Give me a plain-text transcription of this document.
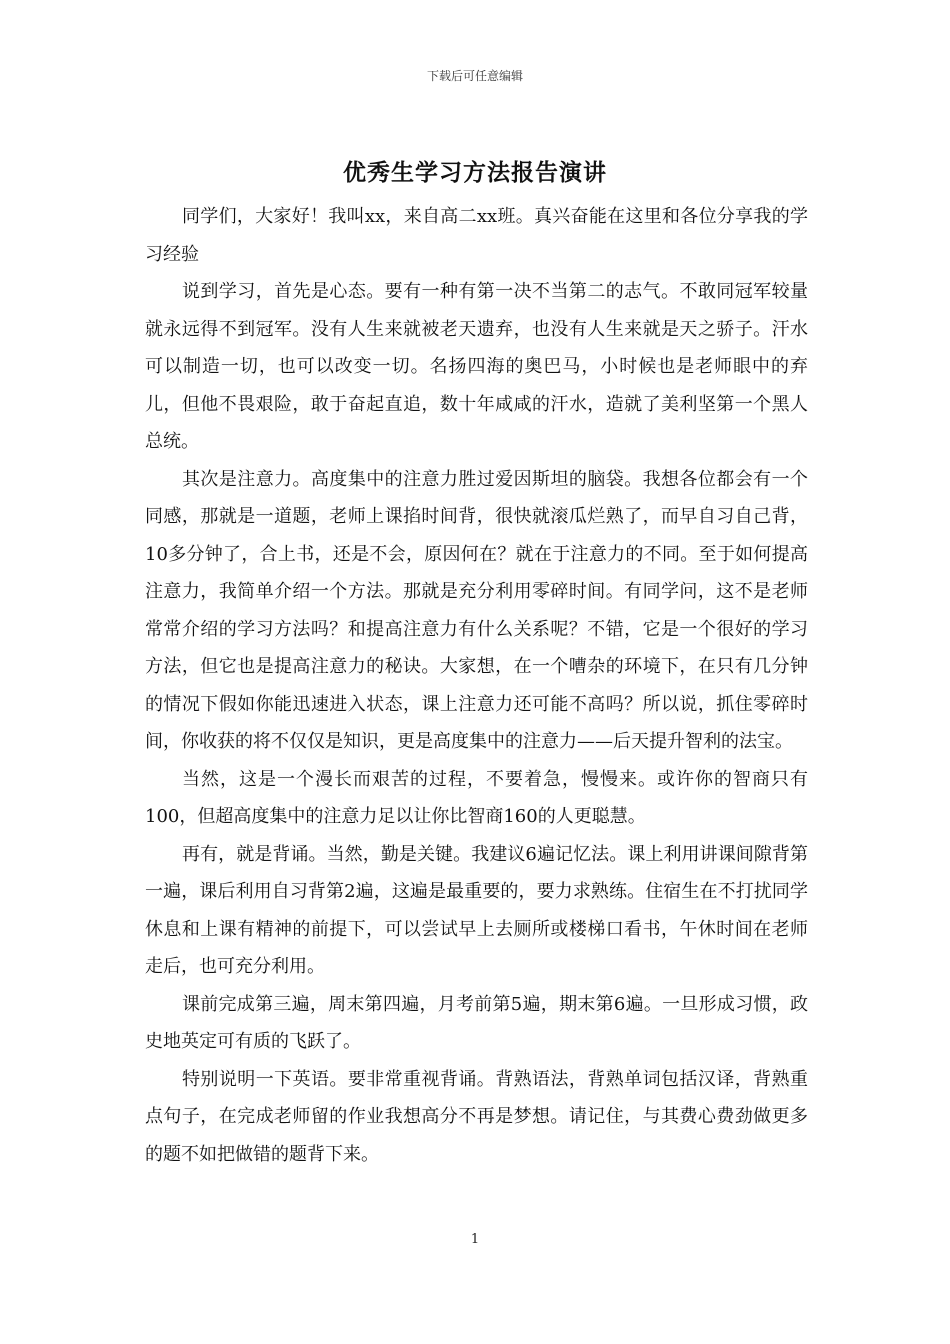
下载后可任意编辑
优秀生学习方法报告演讲

同学们，大家好！我叫xx，来自高二xx班。真兴奋能在这里和各位分享我的学习经验

说到学习，首先是心态。要有一种有第一决不当第二的志气。不敢同冠军较量就永远得不到冠军。没有人生来就被老天遗弃，也没有人生来就是天之骄子。汗水可以制造一切，也可以改变一切。名扬四海的奥巴马，小时候也是老师眼中的弃儿，但他不畏艰险，敢于奋起直追，数十年咸咸的汗水，造就了美利坚第一个黑人总统。

其次是注意力。高度集中的注意力胜过爱因斯坦的脑袋。我想各位都会有一个同感，那就是一道题，老师上课掐时间背，很快就滚瓜烂熟了，而早自习自己背，10多分钟了，合上书，还是不会，原因何在？就在于注意力的不同。至于如何提高注意力，我简单介绍一个方法。那就是充分利用零碎时间。有同学问，这不是老师常常介绍的学习方法吗？和提高注意力有什么关系呢？不错，它是一个很好的学习方法，但它也是提高注意力的秘诀。大家想，在一个嘈杂的环境下，在只有几分钟的情况下假如你能迅速进入状态，课上注意力还可能不高吗？所以说，抓住零碎时间，你收获的将不仅仅是知识，更是高度集中的注意力——后天提升智利的法宝。

当然，这是一个漫长而艰苦的过程，不要着急，慢慢来。或许你的智商只有100，但超高度集中的注意力足以让你比智商160的人更聪慧。

再有，就是背诵。当然，勤是关键。我建议6遍记忆法。课上利用讲课间隙背第一遍，课后利用自习背第2遍，这遍是最重要的，要力求熟练。住宿生在不打扰同学休息和上课有精神的前提下，可以尝试早上去厕所或楼梯口看书，午休时间在老师走后，也可充分利用。

课前完成第三遍，周末第四遍，月考前第5遍，期末第6遍。一旦形成习惯，政史地英定可有质的飞跃了。

特别说明一下英语。要非常重视背诵。背熟语法，背熟单词包括汉译，背熟重点句子，在完成老师留的作业我想高分不再是梦想。请记住，与其费心费劲做更多的题不如把做错的题背下来。

1
